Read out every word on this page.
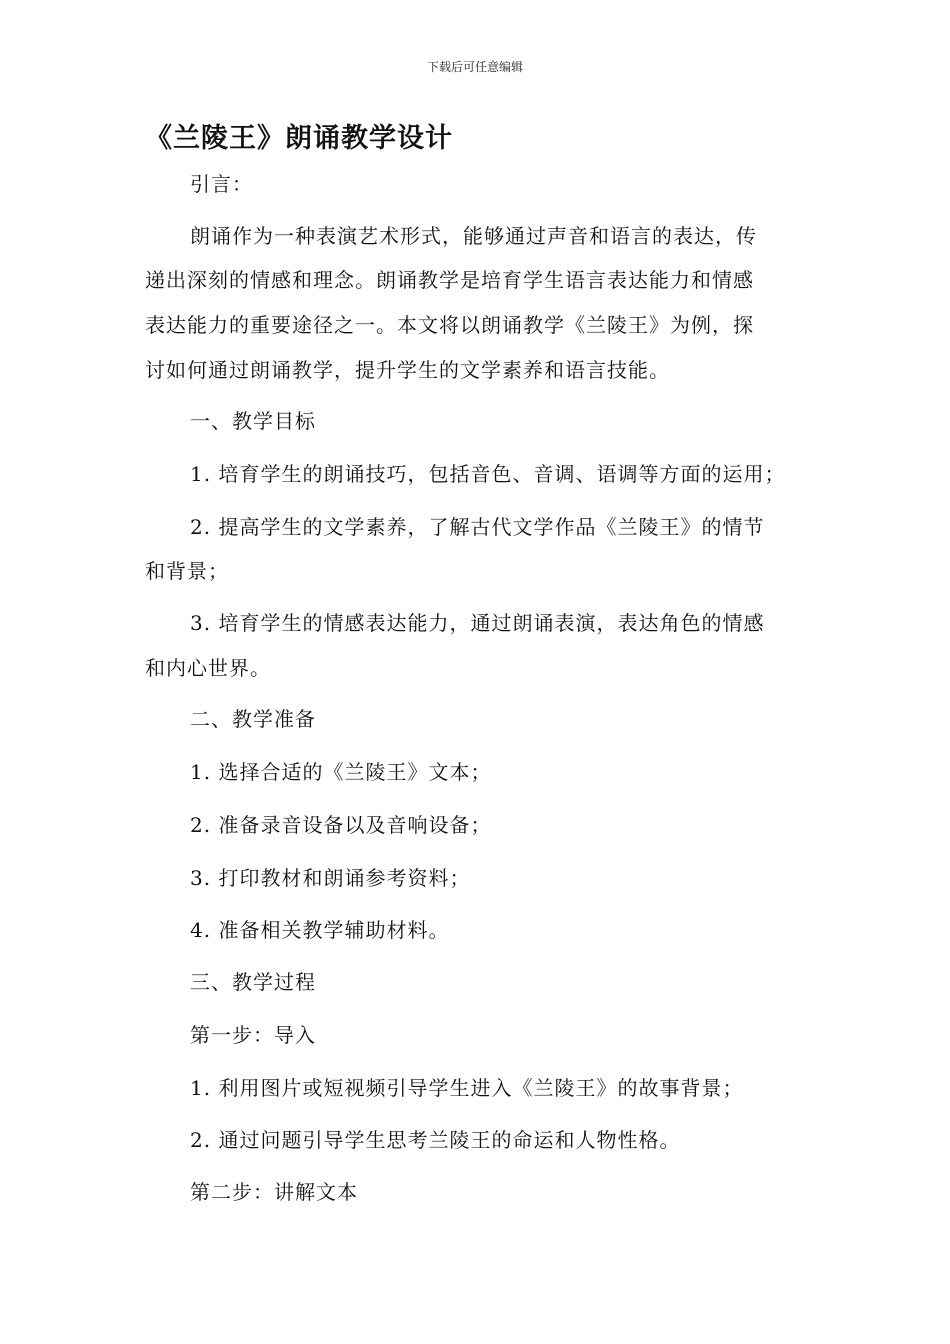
下载后可任意编辑
《兰陵王》朗诵教学设计

引言：

朗诵作为一种表演艺术形式，能够通过声音和语言的表达，传

递出深刻的情感和理念。朗诵教学是培育学生语言表达能力和情感

表达能力的重要途径之一。本文将以朗诵教学《兰陵王》为例，探

讨如何通过朗诵教学，提升学生的文学素养和语言技能。

一、教学目标

1. 培育学生的朗诵技巧，包括音色、音调、语调等方面的运用；

2. 提高学生的文学素养，了解古代文学作品《兰陵王》的情节

和背景；

3. 培育学生的情感表达能力，通过朗诵表演，表达角色的情感

和内心世界。

二、教学准备

1. 选择合适的《兰陵王》文本；

2. 准备录音设备以及音响设备；

3. 打印教材和朗诵参考资料；

4. 准备相关教学辅助材料。

三、教学过程

第一步：导入

1. 利用图片或短视频引导学生进入《兰陵王》的故事背景；

2. 通过问题引导学生思考兰陵王的命运和人物性格。

第二步：讲解文本
